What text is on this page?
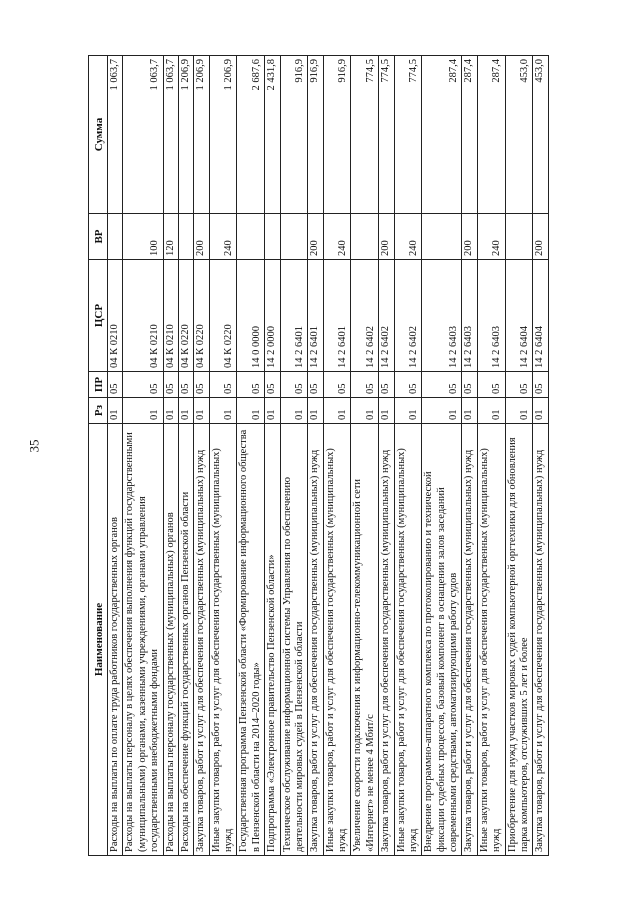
35
Наименование	Рз	ПР	ЦСР	ВР	Сумма
Расходы на выплаты по оплате труда работников государственных органов	01	05	04 К 0210		1 063,7
Расходы на выплаты персоналу в целях обеспечения выполнения функций государственными (муниципальными) органами, казенными учреждениями, органами управления государственными внебюджетными фондами	01	05	04 К 0210	100	1 063,7
Расходы на выплаты персоналу государственных (муниципальных) органов	01	05	04 К 0210	120	1 063,7
Расходы на обеспечение функций государственных органов Пензенской области	01	05	04 К 0220		1 206,9
Закупка товаров, работ и услуг для обеспечения государственных (муниципальных) нужд	01	05	04 К 0220	200	1 206,9
Иные закупки товаров, работ и услуг для обеспечения государственных (муниципальных) нужд	01	05	04 К 0220	240	1 206,9
Государственная программа Пензенской области «Формирование информационного общества в Пензенской области на 2014–2020 годы»	01	05	14 0 0000		2 687,6
Подпрограмма «Электронное правительство Пензенской области»	01	05	14 2 0000		2 431,8
Техническое обслуживание информационной системы Управления по обеспечению деятельности мировых судей в Пензенской области	01	05	14 2 6401		916,9
Закупка товаров, работ и услуг для обеспечения государственных (муниципальных) нужд	01	05	14 2 6401	200	916,9
Иные закупки товаров, работ и услуг для обеспечения государственных (муниципальных) нужд	01	05	14 2 6401	240	916,9
Увеличение скорости подключения к информационно-телекоммуникационной сети «Интернет» не менее 4 Мбит/с	01	05	14 2 6402		774,5
Закупка товаров, работ и услуг для обеспечения государственных (муниципальных) нужд	01	05	14 2 6402	200	774,5
Иные закупки товаров, работ и услуг для обеспечения государственных (муниципальных) нужд	01	05	14 2 6402	240	774,5
Внедрение программно-аппаратного комплекса по протоколированию и технической фиксации судебных процессов, базовый компонент в оснащении залов заседаний современными средствами, автоматизирующими работу судов	01	05	14 2 6403		287,4
Закупка товаров, работ и услуг для обеспечения государственных (муниципальных) нужд	01	05	14 2 6403	200	287,4
Иные закупки товаров, работ и услуг для обеспечения государственных (муниципальных) нужд	01	05	14 2 6403	240	287,4
Приобретение для нужд участков мировых судей компьютерной оргтехники для обновления парка компьютеров, отслуживших 5 лет и более	01	05	14 2 6404		453,0
Закупка товаров, работ и услуг для обеспечения государственных (муниципальных) нужд	01	05	14 2 6404	200	453,0
